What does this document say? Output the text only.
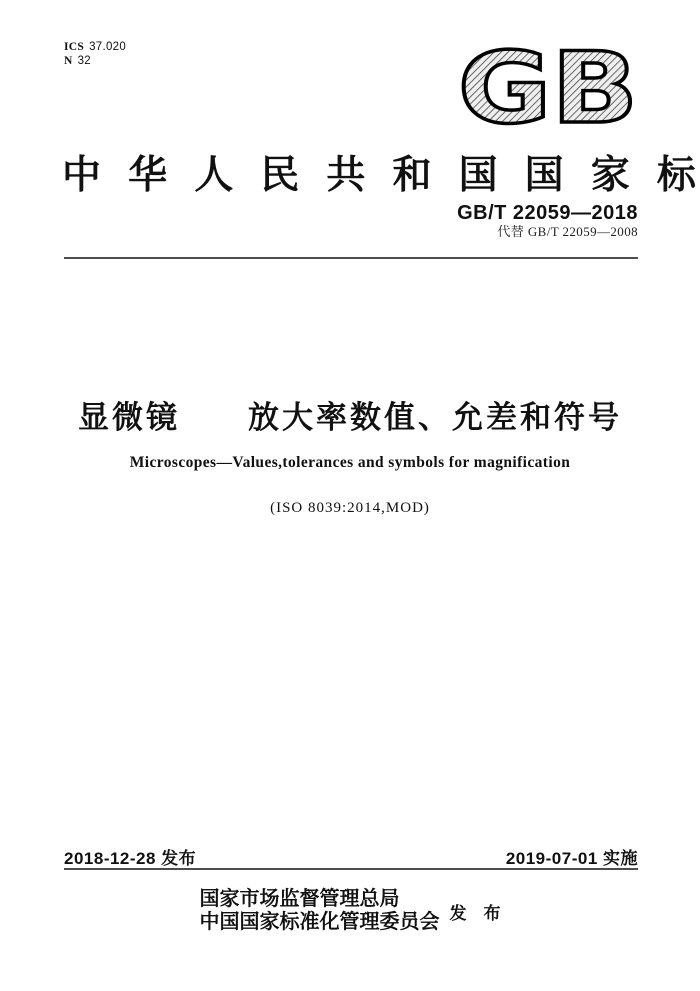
ICS 37.020
N 32	GB
中 华 人 民 共 和 国 国 家 标
GB/T 22059—2018
代替 GB/T 22059—2008
显微镜　　放大率数值、允差和符号
Microscopes—Values,tolerances and symbols for magnification
(ISO 8039:2014,MOD)
2018-12-28 发布	2019-07-01 实施
国家市场监督管理总局
中国国家标准化管理委员会 发　布
